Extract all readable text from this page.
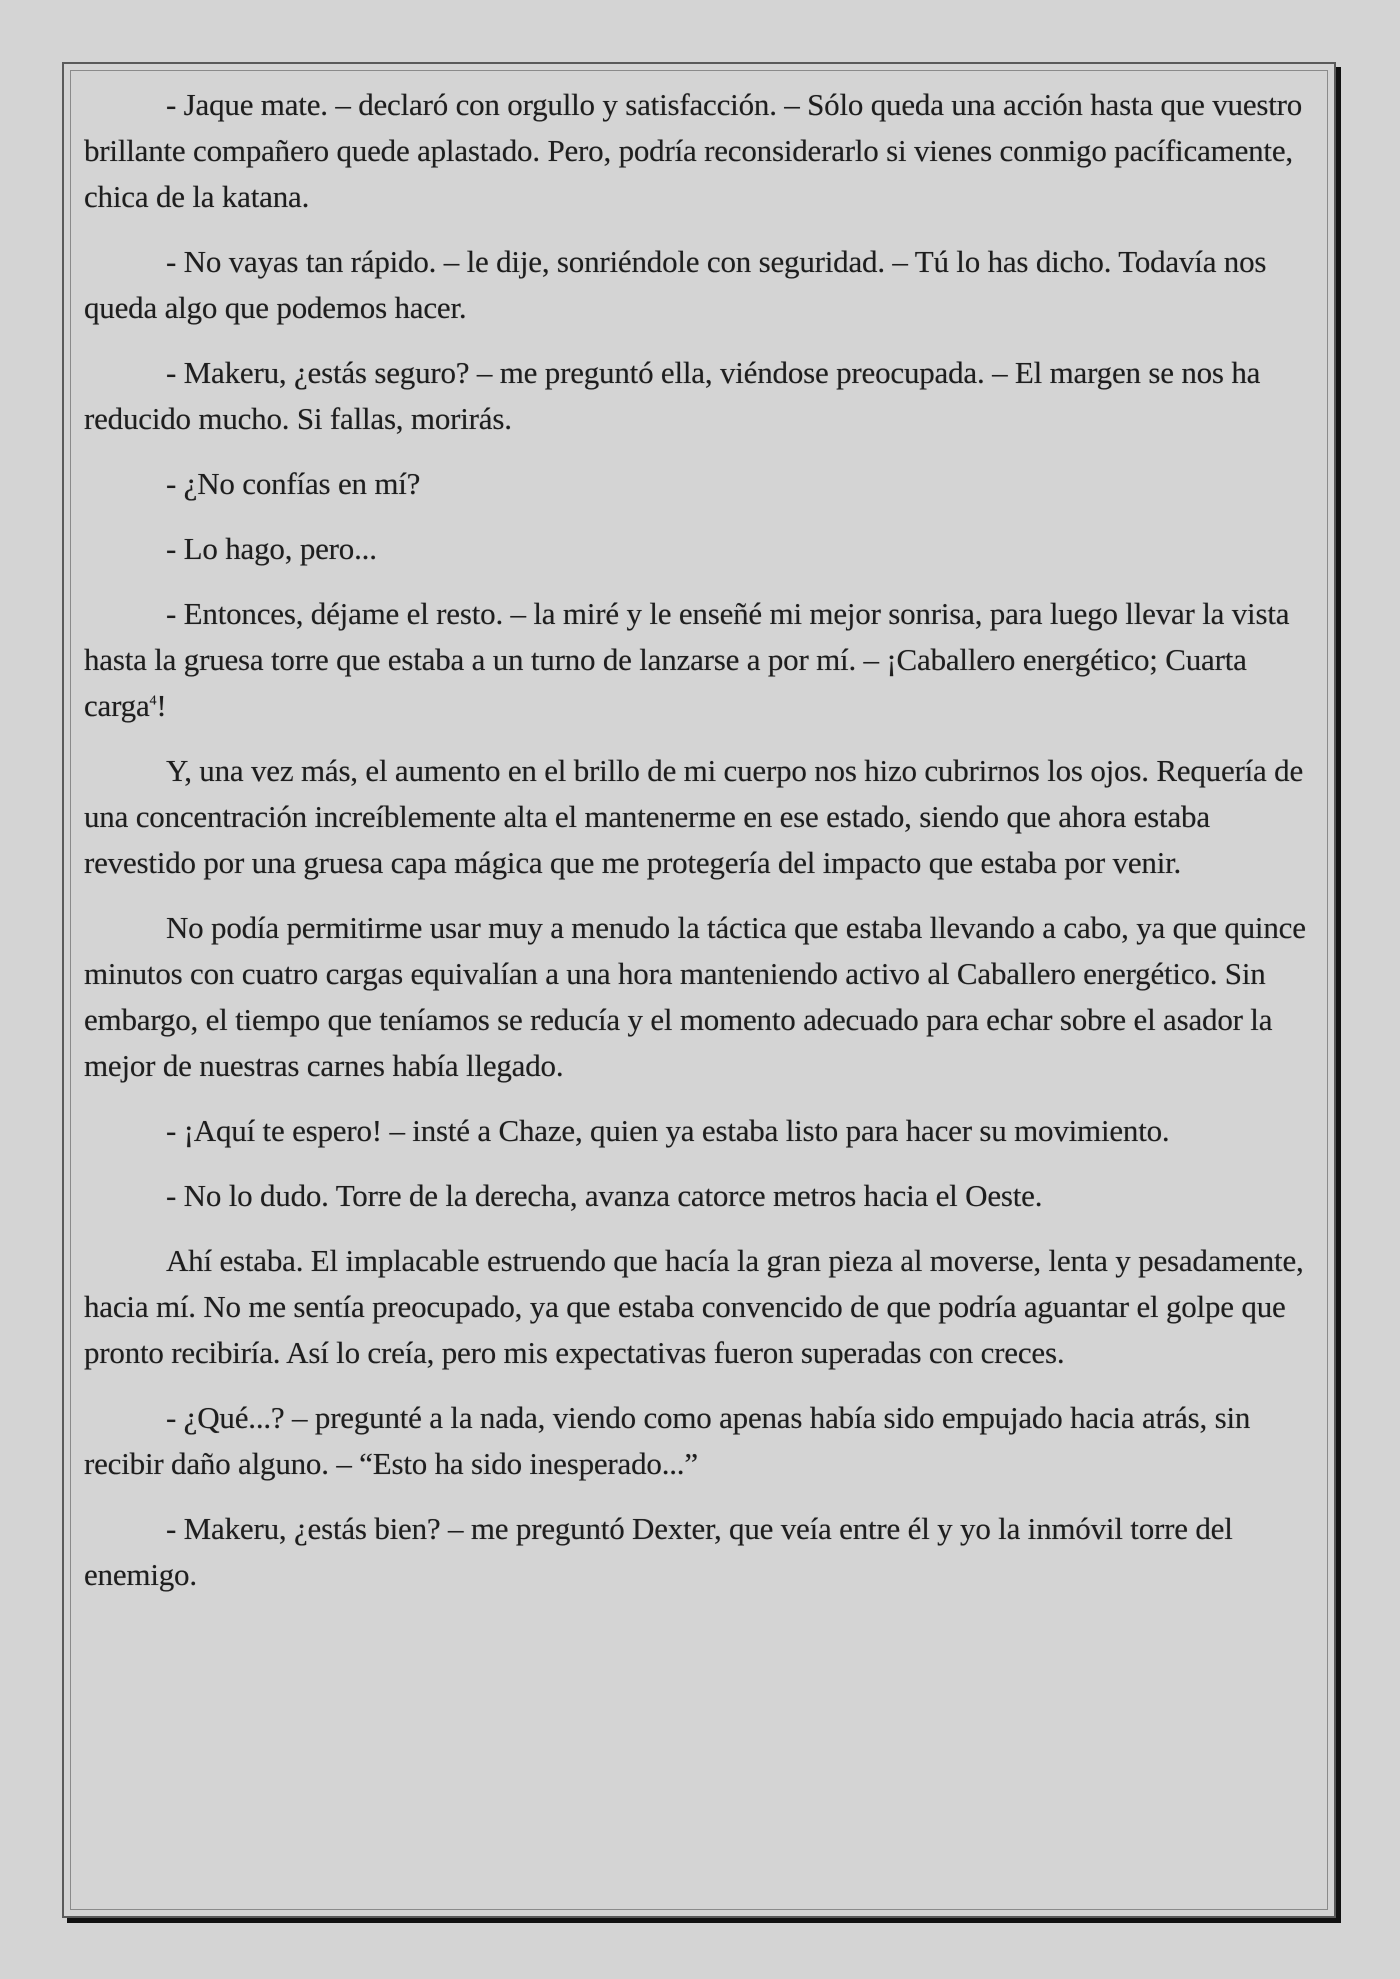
- Jaque mate. – declaró con orgullo y satisfacción. – Sólo queda una acción hasta que vuestro brillante compañero quede aplastado. Pero, podría reconsiderarlo si vienes conmigo pacíficamente, chica de la katana.

- No vayas tan rápido. – le dije, sonriéndole con seguridad. – Tú lo has dicho. Todavía nos queda algo que podemos hacer.

- Makeru, ¿estás seguro? – me preguntó ella, viéndose preocupada. – El margen se nos ha reducido mucho. Si fallas, morirás.

- ¿No confías en mí?

- Lo hago, pero...

- Entonces, déjame el resto. – la miré y le enseñé mi mejor sonrisa, para luego llevar la vista hasta la gruesa torre que estaba a un turno de lanzarse a por mí. – ¡Caballero energético; Cuarta carga$^4$!

Y, una vez más, el aumento en el brillo de mi cuerpo nos hizo cubrirnos los ojos. Requería de una concentración increíblemente alta el mantenerme en ese estado, siendo que ahora estaba revestido por una gruesa capa mágica que me protegería del impacto que estaba por venir.

No podía permitirme usar muy a menudo la táctica que estaba llevando a cabo, ya que quince minutos con cuatro cargas equivalían a una hora manteniendo activo al Caballero energético. Sin embargo, el tiempo que teníamos se reducía y el momento adecuado para echar sobre el asador la mejor de nuestras carnes había llegado.

- ¡Aquí te espero! – insté a Chaze, quien ya estaba listo para hacer su movimiento.

- No lo dudo. Torre de la derecha, avanza catorce metros hacia el Oeste.

Ahí estaba. El implacable estruendo que hacía la gran pieza al moverse, lenta y pesadamente, hacia mí. No me sentía preocupado, ya que estaba convencido de que podría aguantar el golpe que pronto recibiría. Así lo creía, pero mis expectativas fueron superadas con creces.

- ¿Qué...? – pregunté a la nada, viendo como apenas había sido empujado hacia atrás, sin recibir daño alguno. – “Esto ha sido inesperado...”

- Makeru, ¿estás bien? – me preguntó Dexter, que veía entre él y yo la inmóvil torre del enemigo.
